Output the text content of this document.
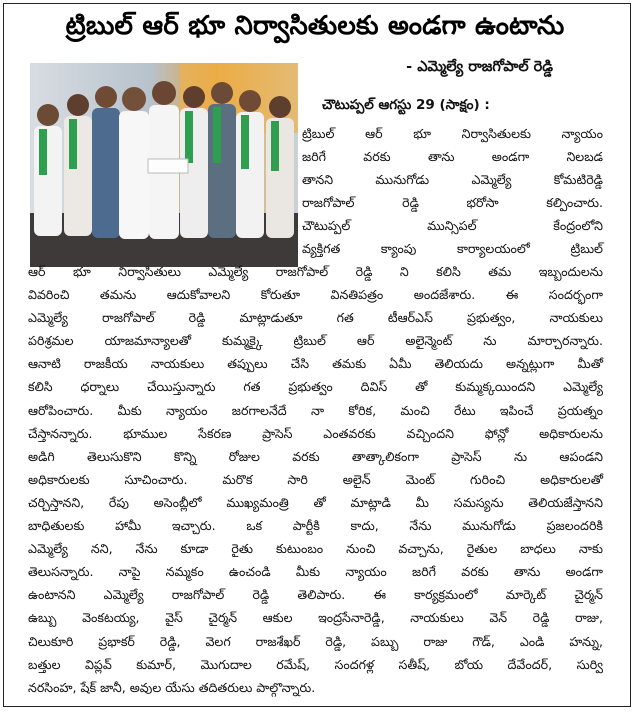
ట్రిబుల్ ఆర్ భూ నిర్వాసితులకు అండగా ఉంటాను
- ఎమ్మెల్యే రాజగోపాల్ రెడ్డి
చౌటుప్పల్ ఆగస్టు 29 (సాక్షం) :
ట్రిబుల్ ఆర్ భూ నిర్వాసితులకు న్యాయం
జరిగే వరకు తాను అండగా నిలబడ
తానని మునుగోడు ఎమ్మెల్యే కోమటిరెడ్డి
రాజగోపాల్ రెడ్డి భరోసా కల్పించారు.
చౌటుప్పల్ మున్సిపల్ కేంద్రంలోని
వ్యక్తిగత క్యాంపు కార్యాలయంలో ట్రిబుల్
ఆర్ భూ నిర్వాసితులు ఎమ్మెల్యే రాజగోపాల్ రెడ్డి ని కలిసి తమ ఇబ్బందులను
వివరించి తమను ఆదుకోవాలని కోరుతూ వినతిపత్రం అందజేశారు. ఈ సందర్భంగా
ఎమ్మెల్యే రాజగోపాల్ రెడ్డి మాట్లాడుతూ గత టీఆర్ఎస్ ప్రభుత్వం, నాయకులు
పరిశ్రమల యాజమాన్యాలతో కుమ్మక్కై ట్రిబుల్ ఆర్ అలైన్మెంట్ ను మార్చారన్నారు.
ఆనాటి రాజకీయ నాయకులు తప్పులు చేసి తమకు ఏమీ తెలియదు అన్నట్లుగా మీతో
కలిసి ధర్నాలు చేయిస్తున్నారు గత ప్రభుత్వం దివిస్ తో కుమ్మక్కయిందని ఎమ్మెల్యే
ఆరోపించారు. మీకు న్యాయం జరగాలనేదే నా కోరిక, మంచి రేటు ఇపించే ప్రయత్నం
చేస్తానన్నారు. భూముల సేకరణ ప్రాసెస్ ఎంతవరకు వచ్చిందని ఫోన్లో అధికారులను
అడిగి తెలుసుకొని కొన్ని రోజుల వరకు తాత్కాలికంగా ప్రాసెస్ ను ఆపండని
అధికారులకు సూచించారు. మరొక సారి అలైన్ మెంట్ గురించి అధికారులతో
చర్చిస్తానని, రేపు అసెంబ్లీలో ముఖ్యమంత్రి తో మాట్లాడి మీ సమస్యను తెలియజేస్తానని
బాధితులకు హామీ ఇచ్చారు. ఒక పార్టీకి కాదు, నేను మునుగోడు ప్రజలందరికి
ఎమ్మెల్యే నని, నేను కూడా రైతు కుటుంబం నుంచి వచ్చాను, రైతుల బాధలు నాకు
తెలుసన్నారు. నాపై నమ్మకం ఉంచండి మీకు న్యాయం జరిగే వరకు తాను అండగా
ఉంటానని ఎమ్మెల్యే రాజగోపాల్ రెడ్డి తెలిపారు. ఈ కార్యక్రమంలో మార్కెట్ చైర్మన్
ఉబ్బు వెంకటయ్య, వైస్ చైర్మన్ ఆకుల ఇంద్రసేనారెడ్డి, నాయకులు వెన్ రెడ్డి రాజు,
చిలుకూరి ప్రభాకర్ రెడ్డి, వెలగ రాజశేఖర్ రెడ్డి, పబ్బు రాజు గౌడ్, ఎండి హన్ను,
బత్తుల విప్లవ్ కుమార్, మొగుదాల రమేష్, సందగళ్ల సతీష్, బోయ దేవేందర్, సుర్వి
నరసింహ, షేక్ జానీ, అవుల యేసు తదితరులు పాల్గొన్నారు.
